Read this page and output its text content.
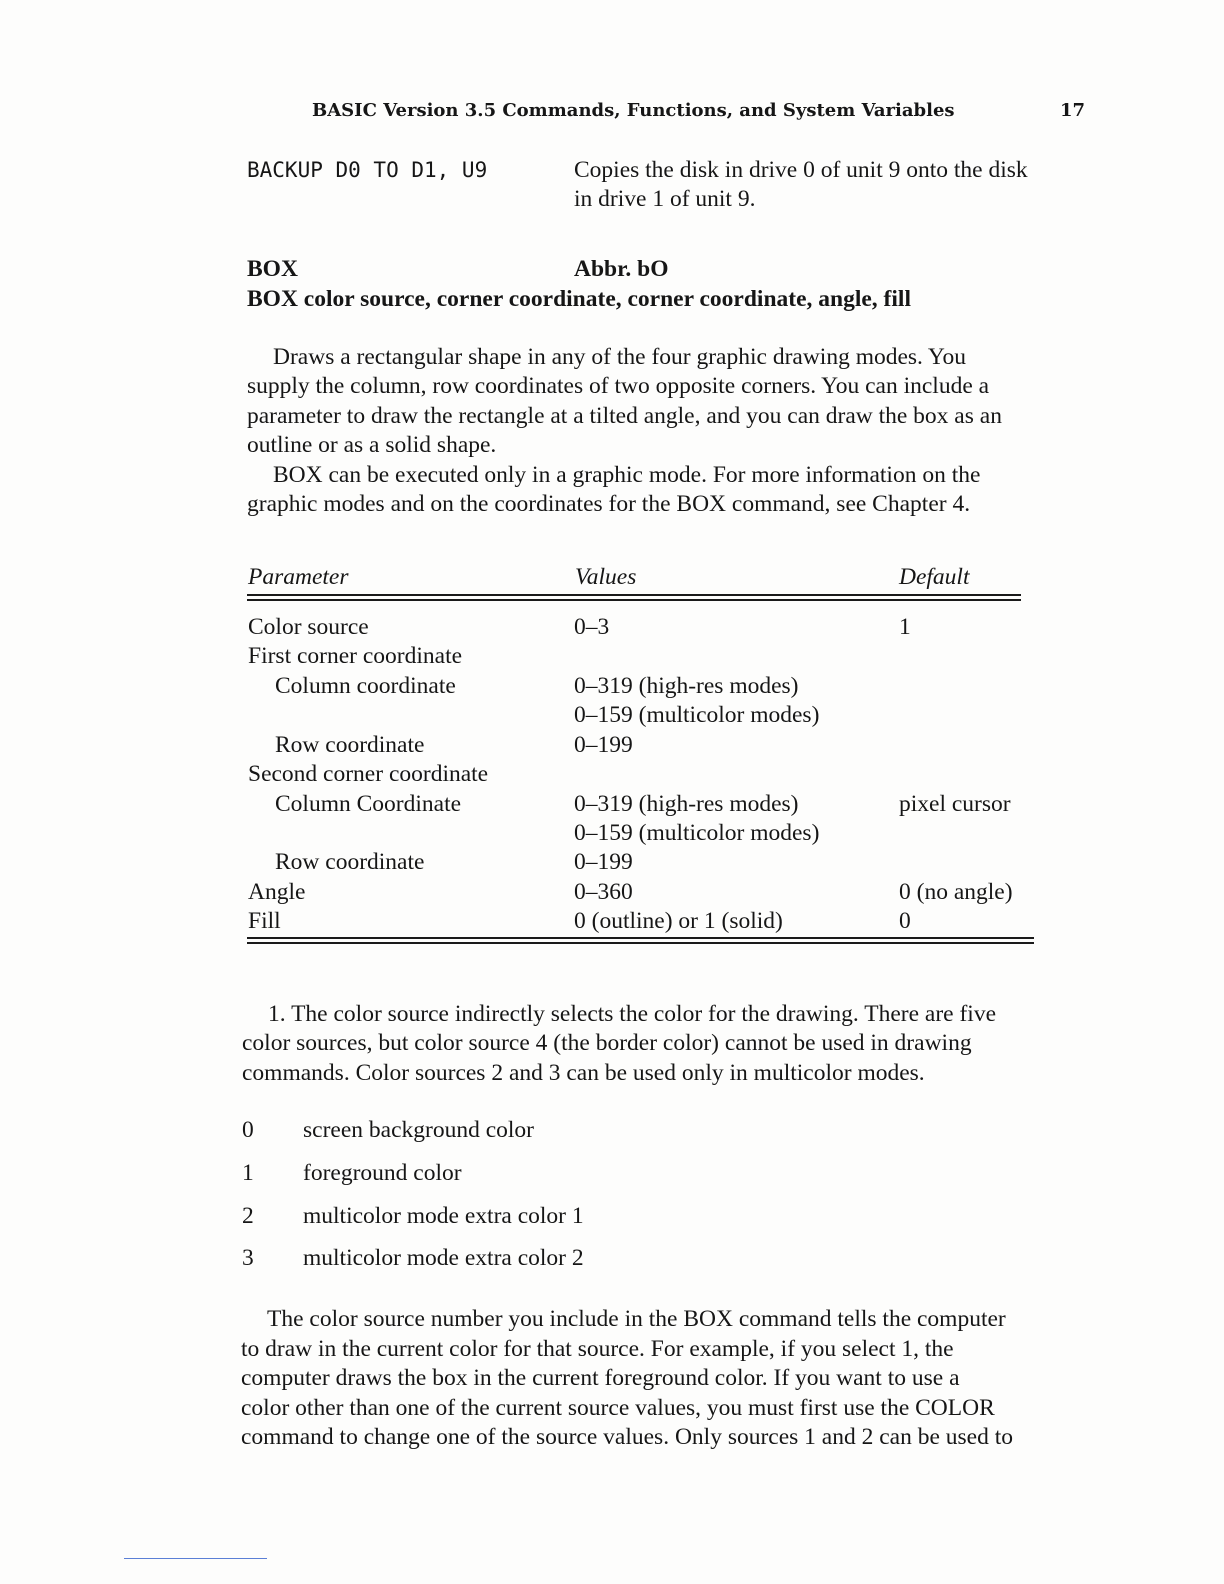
BASIC Version 3.5 Commands, Functions, and System Variables	17
BACKUP D0 TO D1, U9	Copies the disk in drive 0 of unit 9 onto the disk
in drive 1 of unit 9.
BOX	Abbr. bO
BOX color source, corner coordinate, corner coordinate, angle, fill
Draws a rectangular shape in any of the four graphic drawing modes. You
supply the column, row coordinates of two opposite corners. You can include a
parameter to draw the rectangle at a tilted angle, and you can draw the box as an
outline or as a solid shape.
BOX can be executed only in a graphic mode. For more information on the
graphic modes and on the coordinates for the BOX command, see Chapter 4.
Parameter	Values	Default
Color source	0–3	1
First corner coordinate
Column coordinate	0–319 (high-res modes)
0–159 (multicolor modes)
Row coordinate	0–199
Second corner coordinate
Column Coordinate	0–319 (high-res modes)	pixel cursor
0–159 (multicolor modes)
Row coordinate	0–199
Angle	0–360	0 (no angle)
Fill	0 (outline) or 1 (solid)	0
1. The color source indirectly selects the color for the drawing. There are five
color sources, but color source 4 (the border color) cannot be used in drawing
commands. Color sources 2 and 3 can be used only in multicolor modes.
0 screen background color
1 foreground color
2 multicolor mode extra color 1
3 multicolor mode extra color 2
The color source number you include in the BOX command tells the computer
to draw in the current color for that source. For example, if you select 1, the
computer draws the box in the current foreground color. If you want to use a
color other than one of the current source values, you must first use the COLOR
command to change one of the source values. Only sources 1 and 2 can be used to
